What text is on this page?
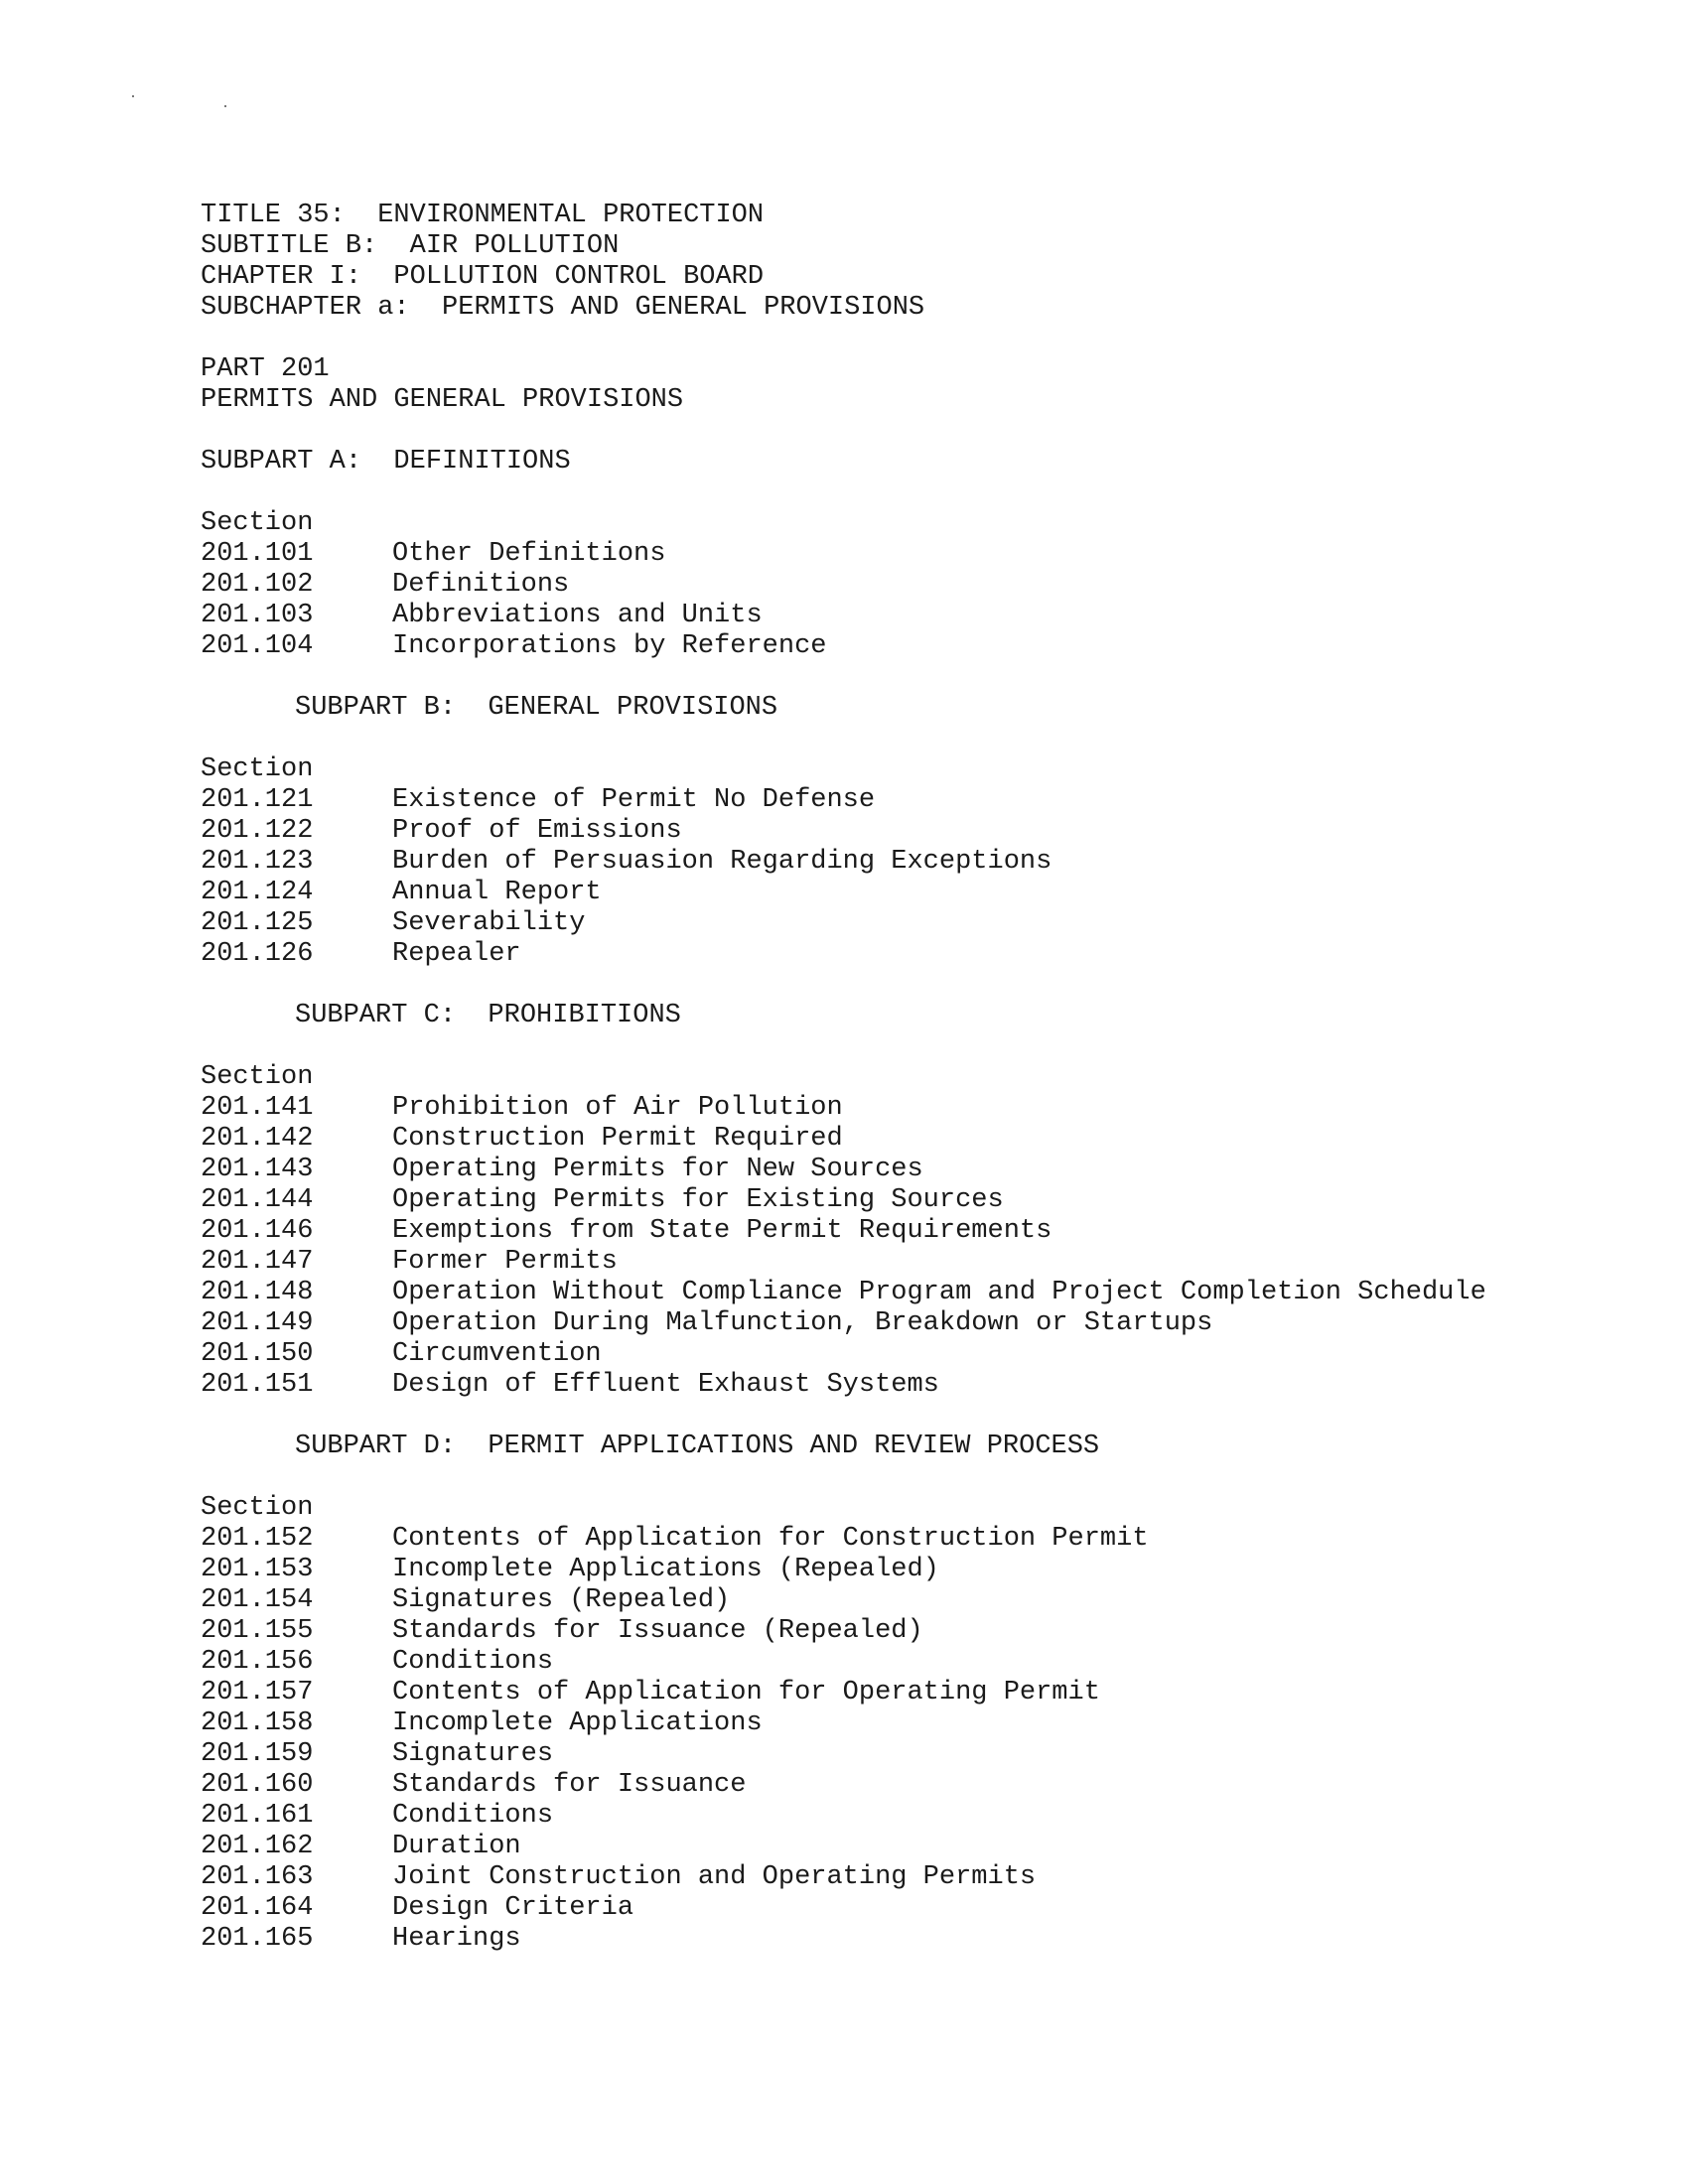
TITLE 35:  ENVIRONMENTAL PROTECTION
SUBTITLE B:  AIR POLLUTION
CHAPTER I:  POLLUTION CONTROL BOARD
SUBCHAPTER a:  PERMITS AND GENERAL PROVISIONS
PART 201
PERMITS AND GENERAL PROVISIONS
SUBPART A:  DEFINITIONS
Section
201.101	Other Definitions
201.102	Definitions
201.103	Abbreviations and Units
201.104	Incorporations by Reference
SUBPART B:  GENERAL PROVISIONS
Section
201.121	Existence of Permit No Defense
201.122	Proof of Emissions
201.123	Burden of Persuasion Regarding Exceptions
201.124	Annual Report
201.125	Severability
201.126	Repealer
SUBPART C:  PROHIBITIONS
Section
201.141	Prohibition of Air Pollution
201.142	Construction Permit Required
201.143	Operating Permits for New Sources
201.144	Operating Permits for Existing Sources
201.146	Exemptions from State Permit Requirements
201.147	Former Permits
201.148	Operation Without Compliance Program and Project Completion Schedule
201.149	Operation During Malfunction, Breakdown or Startups
201.150	Circumvention
201.151	Design of Effluent Exhaust Systems
SUBPART D:  PERMIT APPLICATIONS AND REVIEW PROCESS
Section
201.152	Contents of Application for Construction Permit
201.153	Incomplete Applications (Repealed)
201.154	Signatures (Repealed)
201.155	Standards for Issuance (Repealed)
201.156	Conditions
201.157	Contents of Application for Operating Permit
201.158	Incomplete Applications
201.159	Signatures
201.160	Standards for Issuance
201.161	Conditions
201.162	Duration
201.163	Joint Construction and Operating Permits
201.164	Design Criteria
201.165	Hearings
